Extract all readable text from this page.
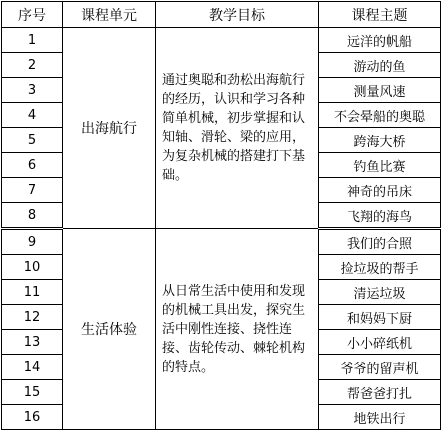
序号	课程单元	教学目标	课程主题
1	出海航行	通过奥聪和劲松出海航行的经历，认识和学习各种简单机械，初步掌握和认知轴、滑轮、梁的应用，为复杂机械的搭建打下基础。	远洋的帆船
2			游动的鱼
3			测量风速
4			不会晕船的奥聪
5			跨海大桥
6			钓鱼比赛
7			神奇的吊床
8			飞翔的海鸟
9	生活体验	从日常生活中使用和发现的机械工具出发，探究生活中刚性连接、挠性连接、齿轮传动、棘轮机构的特点。	我们的合照
10			捡垃圾的帮手
11			清运垃圾
12			和妈妈下厨
13			小小碎纸机
14			爷爷的留声机
15			帮爸爸打扎
16			地铁出行
